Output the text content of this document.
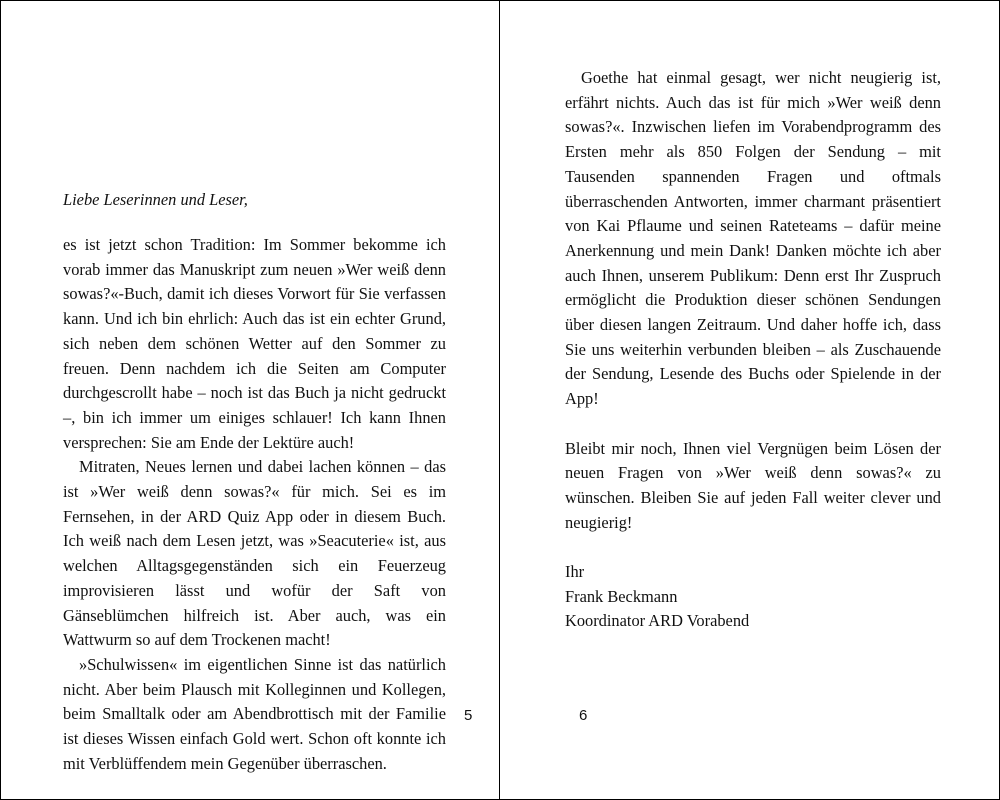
Liebe Leserinnen und Leser,

es ist jetzt schon Tradition: Im Sommer bekomme ich vorab immer das Manuskript zum neuen »Wer weiß denn sowas?«-Buch, damit ich dieses Vorwort für Sie verfassen kann. Und ich bin ehrlich: Auch das ist ein echter Grund, sich neben dem schönen Wetter auf den Sommer zu freuen. Denn nachdem ich die Seiten am Computer durchgescrollt habe – noch ist das Buch ja nicht gedruckt –, bin ich immer um einiges schlauer! Ich kann Ihnen versprechen: Sie am Ende der Lektüre auch!

Mitraten, Neues lernen und dabei lachen können – das ist »Wer weiß denn sowas?« für mich. Sei es im Fernsehen, in der ARD Quiz App oder in diesem Buch. Ich weiß nach dem Lesen jetzt, was »Seacuterie« ist, aus welchen Alltagsgegenständen sich ein Feuerzeug improvisieren lässt und wofür der Saft von Gänseblümchen hilfreich ist. Aber auch, was ein Wattwurm so auf dem Trockenen macht!

»Schulwissen« im eigentlichen Sinne ist das natürlich nicht. Aber beim Plausch mit Kolleginnen und Kollegen, beim Smalltalk oder am Abendbrottisch mit der Familie ist dieses Wissen einfach Gold wert. Schon oft konnte ich mit Verblüffendem mein Gegenüber überraschen.

5

Goethe hat einmal gesagt, wer nicht neugierig ist, erfährt nichts. Auch das ist für mich »Wer weiß denn sowas?«. Inzwischen liefen im Vorabendprogramm des Ersten mehr als 850 Folgen der Sendung – mit Tausenden spannenden Fragen und oftmals überraschenden Antworten, immer charmant präsentiert von Kai Pflaume und seinen Rateteams – dafür meine Anerkennung und mein Dank! Danken möchte ich aber auch Ihnen, unserem Publikum: Denn erst Ihr Zuspruch ermöglicht die Produktion dieser schönen Sendungen über diesen langen Zeitraum. Und daher hoffe ich, dass Sie uns weiterhin verbunden bleiben – als Zuschauende der Sendung, Lesende des Buchs oder Spielende in der App!

Bleibt mir noch, Ihnen viel Vergnügen beim Lösen der neuen Fragen von »Wer weiß denn sowas?« zu wünschen. Bleiben Sie auf jeden Fall weiter clever und neugierig!

Ihr
Frank Beckmann
Koordinator ARD Vorabend
6
